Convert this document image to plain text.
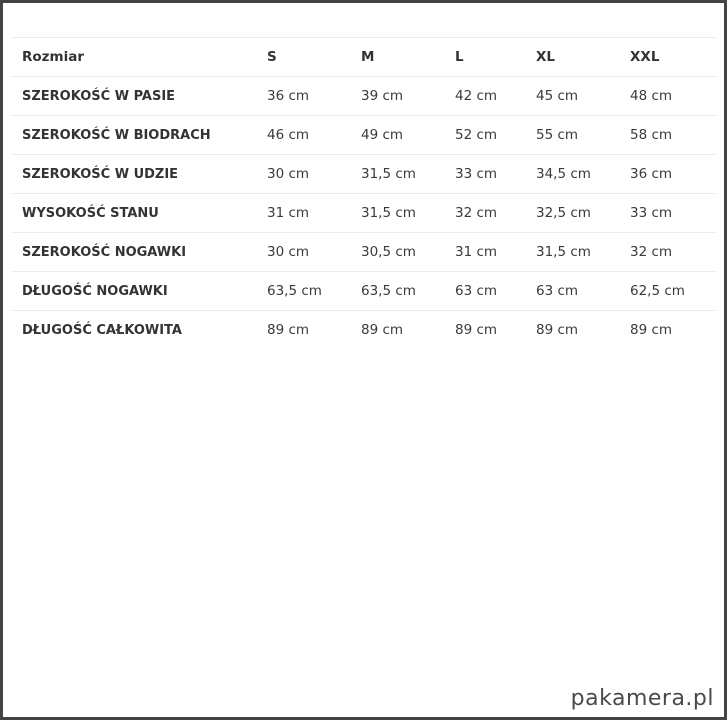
Rozmiar	S	M	L	XL	XXL
SZEROKOŚĆ W PASIE	36 cm	39 cm	42 cm	45 cm	48 cm
SZEROKOŚĆ W BIODRACH	46 cm	49 cm	52 cm	55 cm	58 cm
SZEROKOŚĆ W UDZIE	30 cm	31,5 cm	33 cm	34,5 cm	36 cm
WYSOKOŚĆ STANU	31 cm	31,5 cm	32 cm	32,5 cm	33 cm
SZEROKOŚĆ NOGAWKI	30 cm	30,5 cm	31 cm	31,5 cm	32 cm
DŁUGOŚĆ NOGAWKI	63,5 cm	63,5 cm	63 cm	63 cm	62,5 cm
DŁUGOŚĆ CAŁKOWITA	89 cm	89 cm	89 cm	89 cm	89 cm
pakamera.pl
